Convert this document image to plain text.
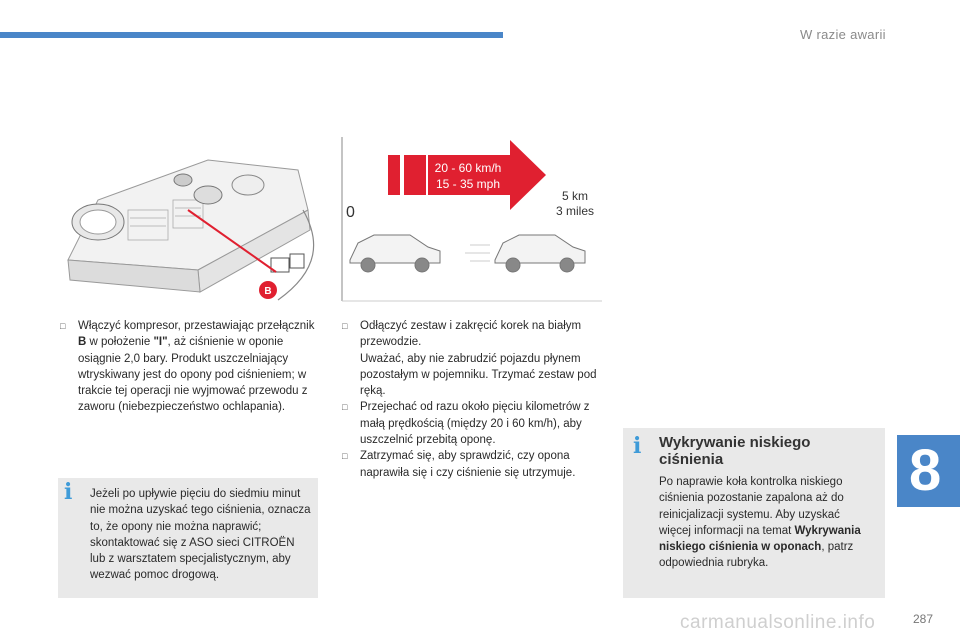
W razie awarii
B
20 - 60 km/h
15 - 35 mph
0
5 km
3 miles
□ Włączyć kompresor, przestawiając przełącznik B w położenie "I", aż ciśnienie w oponie osiągnie 2,0 bary. Produkt uszczelniający wtryskiwany jest do opony pod ciśnieniem; w trakcie tej operacji nie wyjmować przewodu z zaworu (niebezpieczeństwo ochlapania).
i Jeżeli po upływie pięciu do siedmiu minut nie można uzyskać tego ciśnienia, oznacza to, że opony nie można naprawić; skontaktować się z ASO sieci CITROËN lub z warsztatem specjalistycznym, aby wezwać pomoc drogową.
□ Odłączyć zestaw i zakręcić korek na białym przewodzie.
Uważać, aby nie zabrudzić pojazdu płynem pozostałym w pojemniku. Trzymać zestaw pod ręką.
□ Przejechać od razu około pięciu kilometrów z małą prędkością (między 20 i 60 km/h), aby uszczelnić przebitą oponę.
□ Zatrzymać się, aby sprawdzić, czy opona naprawiła się i czy ciśnienie się utrzymuje.
i Wykrywanie niskiego ciśnienia
Po naprawie koła kontrolka niskiego ciśnienia pozostanie zapalona aż do reinicjalizacji systemu. Aby uzyskać więcej informacji na temat Wykrywania niskiego ciśnienia w oponach, patrz odpowiednia rubryka.
8
carmanualsonline.info	287
